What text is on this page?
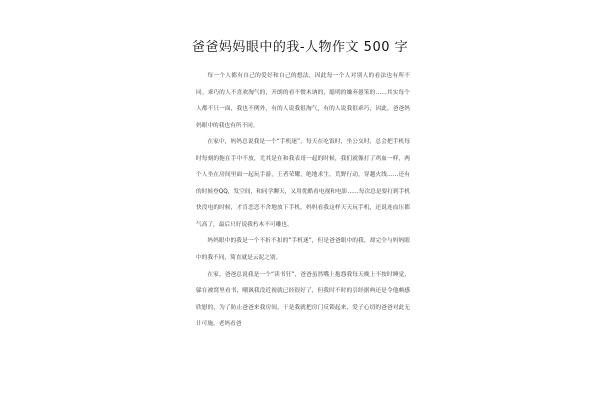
爸爸妈妈眼中的我-人物作文 500 字

每一个人都有自己的爱好和自己的想法，因此每一个人对别人的看法也有所不同。乖巧的人不喜欢淘气的，开朗的看不惯木讷的，聪明的嫌弃愚笨的……其实每个人都不只一面，我也不例外，有的人说我很淘气，有的人说我很乖巧，因此，爸爸妈妈眼中的我也有所不同。

在家中，妈妈总说我是一个“手机迷”，每天在吃饭时，坐公交时，总会把手机每时每刻的拖在手中不放，尤其是在和我表哥一起的时候，我们就像打了鸡血一样，两个人坐在房间里面一起玩手游，王者荣耀，绝地求生，荒野行动，穿越火线……还有的时候登QQ，发空间，和同学聊天，又用优酷看电视和电影……每次总是要打到手机快没电的时候，才肯恋恋不舍地放下手机，妈妈看我这样天天玩手机，还说连血压都气高了，最后只好说我朽木不可雕也。

妈妈眼中的我是一个不折不扣的“手机迷”，但是爸爸眼中的我，却完全与妈妈眼中的我不同，简直就是云泥之别。

在家，爸爸总说我是一个“读书狂”，爸爸虽然嘴上抱怨我每天晚上不按时睡觉，躲在被窝里看书，嘲讽我没近视就已经很好了，但我时不时的引经据典还是令他颇感欣慰的，为了防止爸爸来我房间，于是我就把房门反锁起来，爱子心切的爸爸对此无计可施，老妈看爸
